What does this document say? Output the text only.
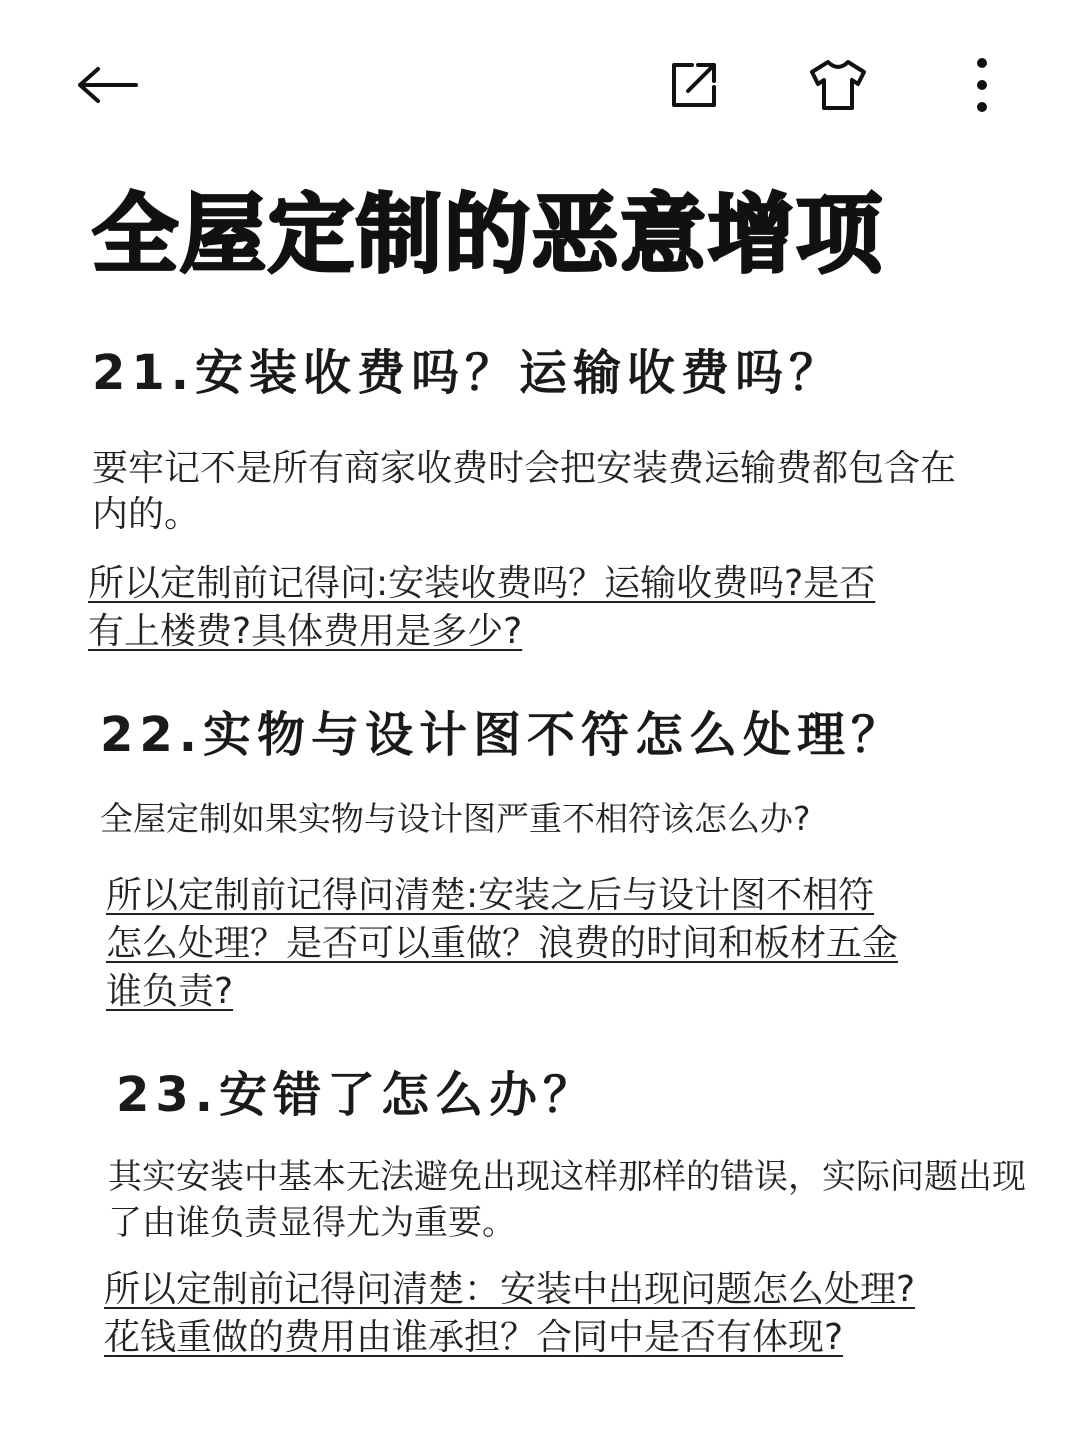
全屋定制的恶意增项
21.安装收费吗？运输收费吗？
要牢记不是所有商家收费时会把安装费运输费都包含在内的。
所以定制前记得问:安装收费吗？运输收费吗?是否
有上楼费?具体费用是多少?
22.实物与设计图不符怎么处理？
全屋定制如果实物与设计图严重不相符该怎么办?
所以定制前记得问清楚:安装之后与设计图不相符
怎么处理？是否可以重做？浪费的时间和板材五金
谁负责?
23.安错了怎么办？
其实安装中基本无法避免出现这样那样的错误，实际问题出现了由谁负责显得尤为重要。
所以定制前记得问清楚：安装中出现问题怎么处理?
花钱重做的费用由谁承担？合同中是否有体现?
